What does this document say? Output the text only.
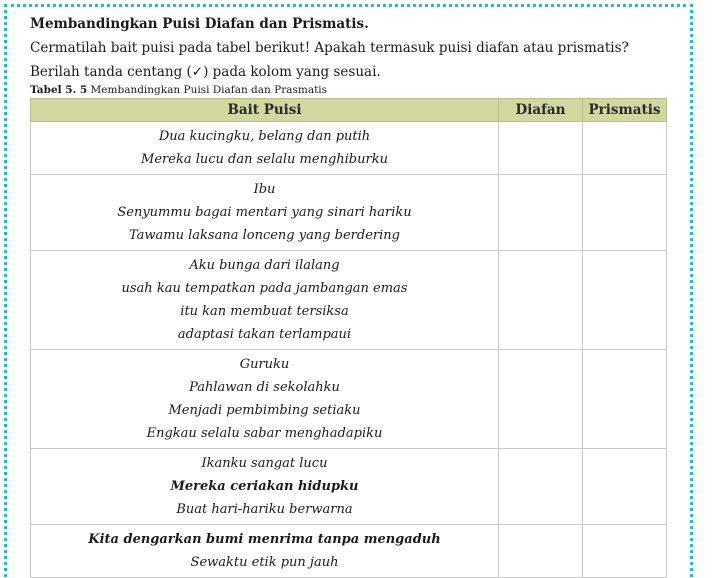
Membandingkan Puisi Diafan dan Prismatis.
Cermatilah bait puisi pada tabel berikut! Apakah termasuk puisi diafan atau prismatis?
Berilah tanda centang (✓) pada kolom yang sesuai.
Tabel 5. 5 Membandingkan Puisi Diafan dan Prasmatis
Bait Puisi	Diafan	Prismatis

Dua kucingku, belang dan putih
Mereka lucu dan selalu menghiburku		

Ibu
Senyummu bagai mentari yang sinari hariku
Tawamu laksana lonceng yang berdering		

Aku bunga dari ilalang
usah kau tempatkan pada jambangan emas
itu kan membuat tersiksa
adaptasi takan terlampaui		

Guruku
Pahlawan di sekolahku
Menjadi pembimbing setiaku
Engkau selalu sabar menghadapiku		

Ikanku sangat lucu
Mereka ceriakan hidupku
Buat hari-hariku berwarna		

Kita dengarkan bumi menrima tanpa mengaduh
Sewaktu etik pun jauh		
